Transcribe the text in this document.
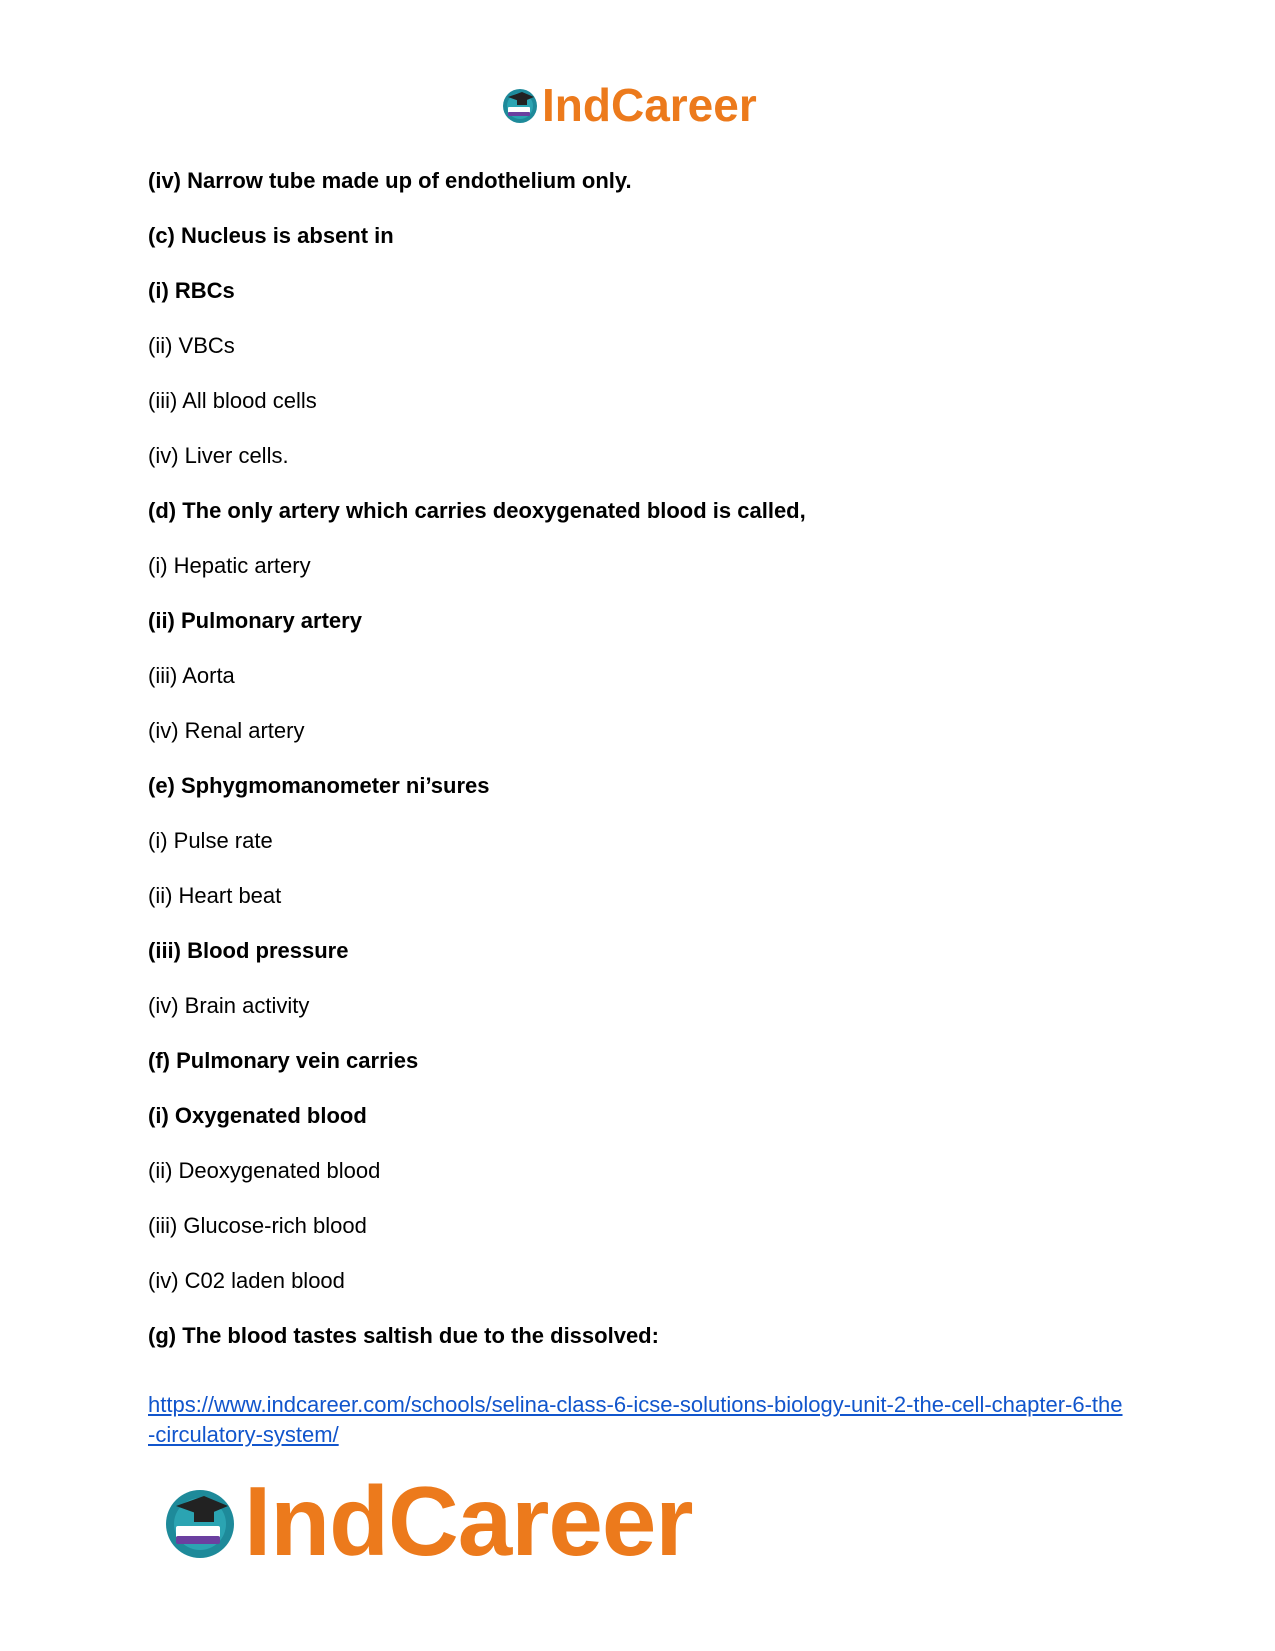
IndCareer
(iv) Narrow tube made up of endothelium only.
(c) Nucleus is absent in
(i) RBCs
(ii) VBCs
(iii) All blood cells
(iv) Liver cells.
(d) The only artery which carries deoxygenated blood is called,
(i) Hepatic artery
(ii) Pulmonary artery
(iii) Aorta
(iv) Renal artery
(e) Sphygmomanometer ni’sures
(i) Pulse rate
(ii) Heart beat
(iii) Blood pressure
(iv) Brain activity
(f) Pulmonary vein carries
(i) Oxygenated blood
(ii) Deoxygenated blood
(iii) Glucose-rich blood
(iv) C02 laden blood
(g) The blood tastes saltish due to the dissolved:
https://www.indcareer.com/schools/selina-class-6-icse-solutions-biology-unit-2-the-cell-chapter-6-the-circulatory-system/
IndCareer
